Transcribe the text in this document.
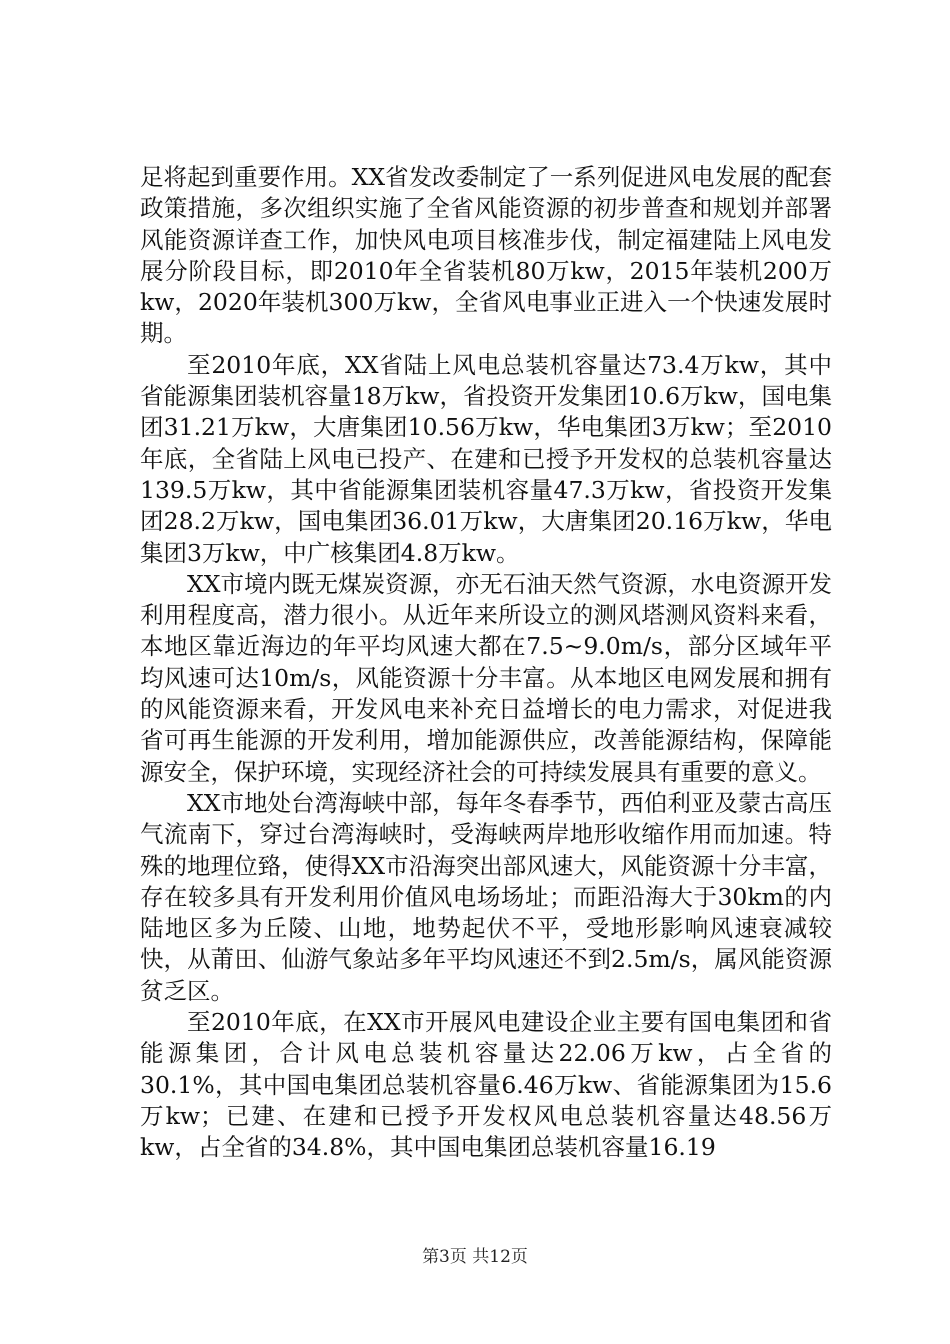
足将起到重要作用。XX省发改委制定了一系列促进风电发展的配套政策措施，多次组织实施了全省风能资源的初步普查和规划并部署风能资源详查工作，加快风电项目核准步伐，制定福建陆上风电发展分阶段目标，即2010年全省装机80万kw，2015年装机200万kw，2020年装机300万kw，全省风电事业正进入一个快速发展时期。

至2010年底，XX省陆上风电总装机容量达73.4万kw，其中省能源集团装机容量18万kw，省投资开发集团10.6万kw，国电集团31.21万kw，大唐集团10.56万kw，华电集团3万kw；至2010年底，全省陆上风电已投产、在建和已授予开发权的总装机容量达139.5万kw，其中省能源集团装机容量47.3万kw，省投资开发集团28.2万kw，国电集团36.01万kw，大唐集团20.16万kw，华电集团3万kw，中广核集团4.8万kw。

XX市境内既无煤炭资源，亦无石油天然气资源，水电资源开发利用程度高，潜力很小。从近年来所设立的测风塔测风资料来看，本地区靠近海边的年平均风速大都在7.5~9.0m/s，部分区域年平均风速可达10m/s，风能资源十分丰富。从本地区电网发展和拥有的风能资源来看，开发风电来补充日益增长的电力需求，对促进我省可再生能源的开发利用，增加能源供应，改善能源结构，保障能源安全，保护环境，实现经济社会的可持续发展具有重要的意义。

XX市地处台湾海峡中部，每年冬春季节，西伯利亚及蒙古高压气流南下，穿过台湾海峡时，受海峡两岸地形收缩作用而加速。特殊的地理位臵，使得XX市沿海突出部风速大，风能资源十分丰富，存在较多具有开发利用价值风电场场址；而距沿海大于30km的内陆地区多为丘陵、山地，地势起伏不平，受地形影响风速衰减较快，从莆田、仙游气象站多年平均风速还不到2.5m/s，属风能资源贫乏区。

至2010年底，在XX市开展风电建设企业主要有国电集团和省能源集团，合计风电总装机容量达22.06万kw，占全省的30.1%，其中国电集团总装机容量6.46万kw、省能源集团为15.6万kw；已建、在建和已授予开发权风电总装机容量达48.56万kw，占全省的34.8%，其中国电集团总装机容量16.19

第3页 共12页
